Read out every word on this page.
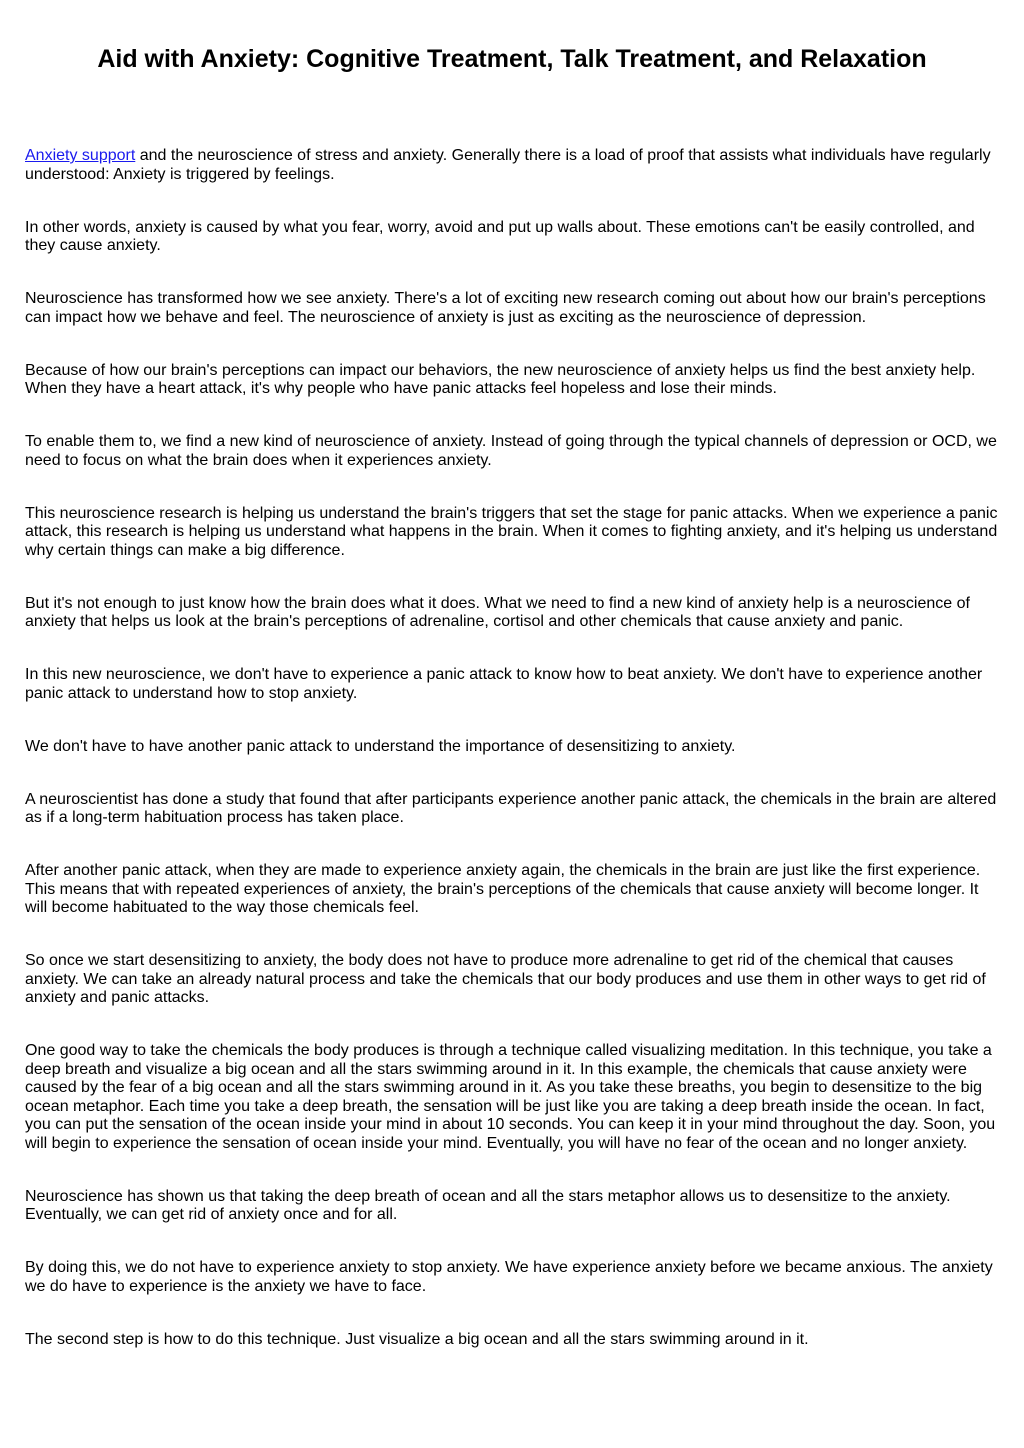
Aid with Anxiety: Cognitive Treatment, Talk Treatment, and Relaxation

Anxiety support and the neuroscience of stress and anxiety. Generally there is a load of proof that assists what individuals have regularly understood: Anxiety is triggered by feelings.

In other words, anxiety is caused by what you fear, worry, avoid and put up walls about. These emotions can't be easily controlled, and they cause anxiety.

Neuroscience has transformed how we see anxiety. There's a lot of exciting new research coming out about how our brain's perceptions can impact how we behave and feel. The neuroscience of anxiety is just as exciting as the neuroscience of depression.

Because of how our brain's perceptions can impact our behaviors, the new neuroscience of anxiety helps us find the best anxiety help. When they have a heart attack, it's why people who have panic attacks feel hopeless and lose their minds.

To enable them to, we find a new kind of neuroscience of anxiety. Instead of going through the typical channels of depression or OCD, we need to focus on what the brain does when it experiences anxiety.

This neuroscience research is helping us understand the brain's triggers that set the stage for panic attacks. When we experience a panic attack, this research is helping us understand what happens in the brain. When it comes to fighting anxiety, and it's helping us understand why certain things can make a big difference.

But it's not enough to just know how the brain does what it does. What we need to find a new kind of anxiety help is a neuroscience of anxiety that helps us look at the brain's perceptions of adrenaline, cortisol and other chemicals that cause anxiety and panic.

In this new neuroscience, we don't have to experience a panic attack to know how to beat anxiety. We don't have to experience another panic attack to understand how to stop anxiety.

We don't have to have another panic attack to understand the importance of desensitizing to anxiety.

A neuroscientist has done a study that found that after participants experience another panic attack, the chemicals in the brain are altered as if a long-term habituation process has taken place.

After another panic attack, when they are made to experience anxiety again, the chemicals in the brain are just like the first experience. This means that with repeated experiences of anxiety, the brain's perceptions of the chemicals that cause anxiety will become longer. It will become habituated to the way those chemicals feel.

So once we start desensitizing to anxiety, the body does not have to produce more adrenaline to get rid of the chemical that causes anxiety. We can take an already natural process and take the chemicals that our body produces and use them in other ways to get rid of anxiety and panic attacks.

One good way to take the chemicals the body produces is through a technique called visualizing meditation. In this technique, you take a deep breath and visualize a big ocean and all the stars swimming around in it. In this example, the chemicals that cause anxiety were caused by the fear of a big ocean and all the stars swimming around in it. As you take these breaths, you begin to desensitize to the big ocean metaphor. Each time you take a deep breath, the sensation will be just like you are taking a deep breath inside the ocean. In fact, you can put the sensation of the ocean inside your mind in about 10 seconds. You can keep it in your mind throughout the day. Soon, you will begin to experience the sensation of ocean inside your mind. Eventually, you will have no fear of the ocean and no longer anxiety.

Neuroscience has shown us that taking the deep breath of ocean and all the stars metaphor allows us to desensitize to the anxiety. Eventually, we can get rid of anxiety once and for all.

By doing this, we do not have to experience anxiety to stop anxiety. We have experience anxiety before we became anxious. The anxiety we do have to experience is the anxiety we have to face.

The second step is how to do this technique. Just visualize a big ocean and all the stars swimming around in it.
